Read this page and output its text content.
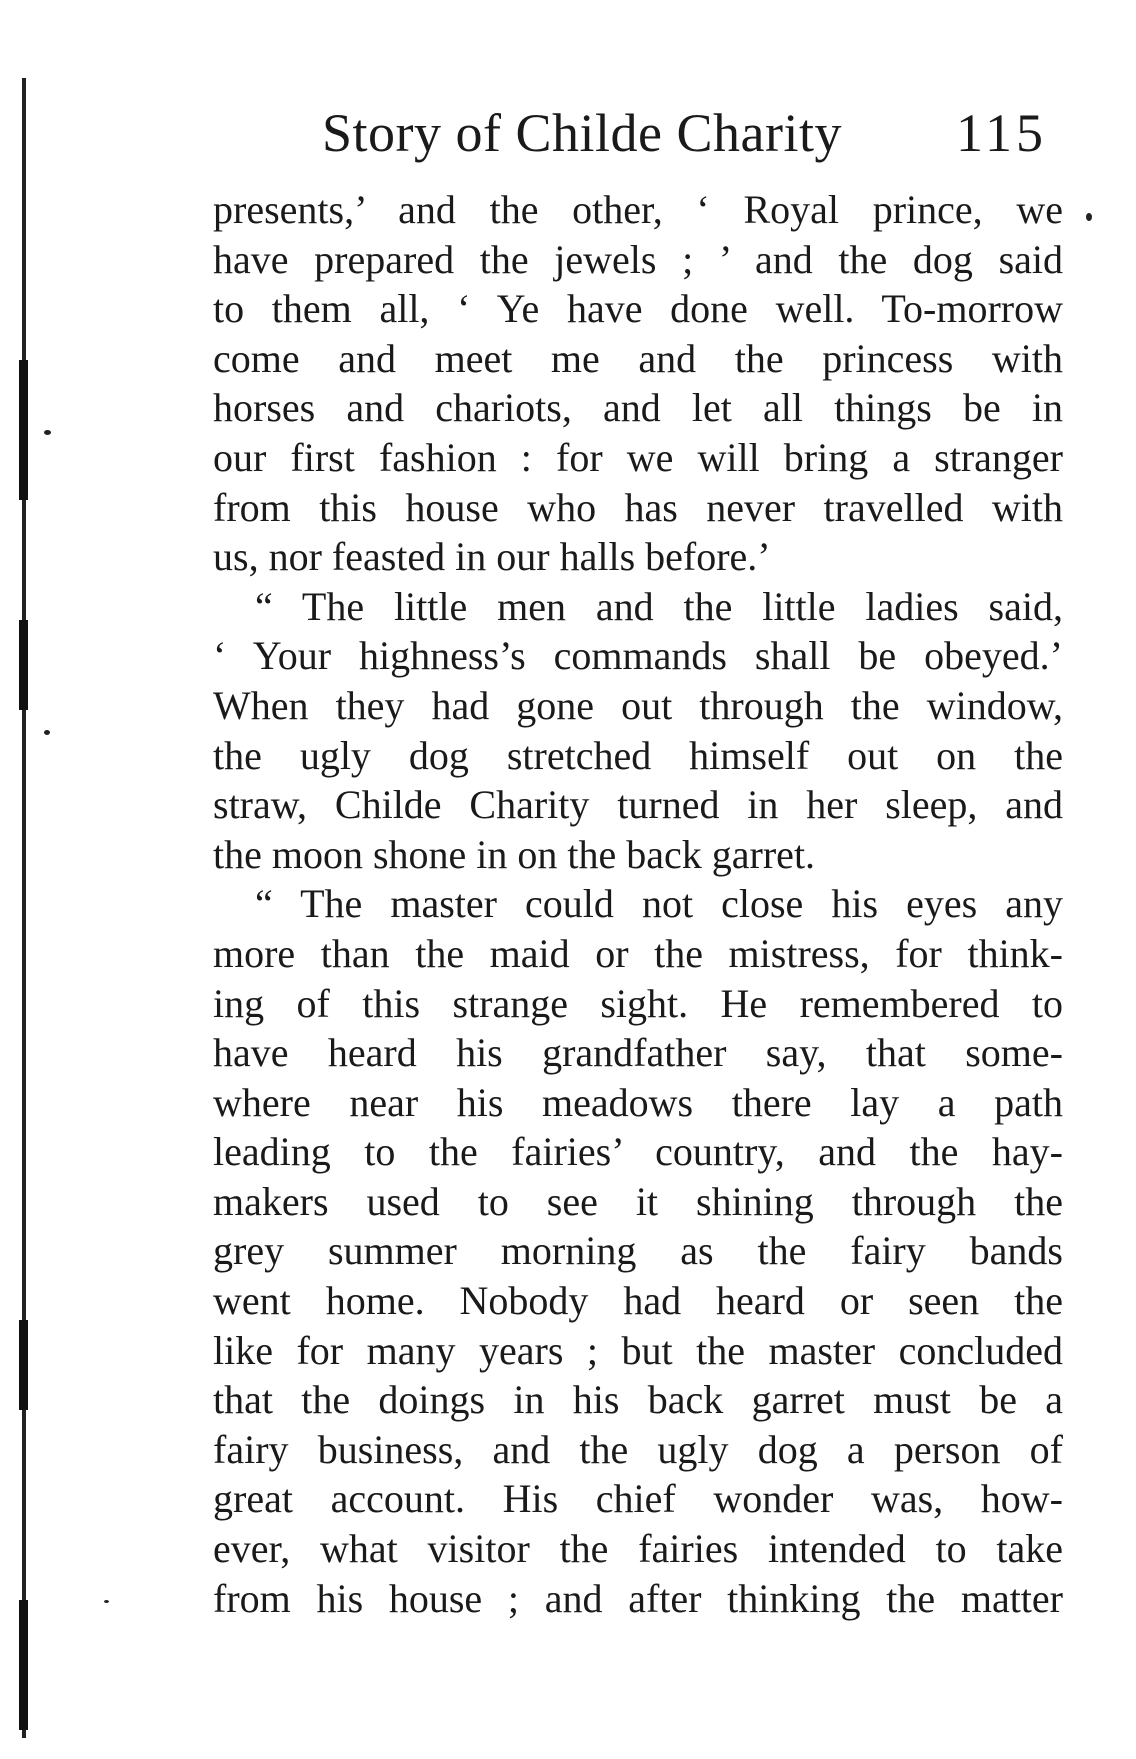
Story of Childe Charity 115
presents,’ and the other, ‘ Royal prince, we
have prepared the jewels ; ’ and the dog said
to them all, ‘ Ye have done well. To-morrow
come and meet me and the princess with
horses and chariots, and let all things be in
our first fashion : for we will bring a stranger
from this house who has never travelled with
us, nor feasted in our halls before.’
“ The little men and the little ladies said,
‘ Your highness’s commands shall be obeyed.’
When they had gone out through the window,
the ugly dog stretched himself out on the
straw, Childe Charity turned in her sleep, and
the moon shone in on the back garret.
“ The master could not close his eyes any
more than the maid or the mistress, for think-
ing of this strange sight. He remembered to
have heard his grandfather say, that some-
where near his meadows there lay a path
leading to the fairies’ country, and the hay-
makers used to see it shining through the
grey summer morning as the fairy bands
went home. Nobody had heard or seen the
like for many years ; but the master concluded
that the doings in his back garret must be a
fairy business, and the ugly dog a person of
great account. His chief wonder was, how-
ever, what visitor the fairies intended to take
from his house ; and after thinking the matter
